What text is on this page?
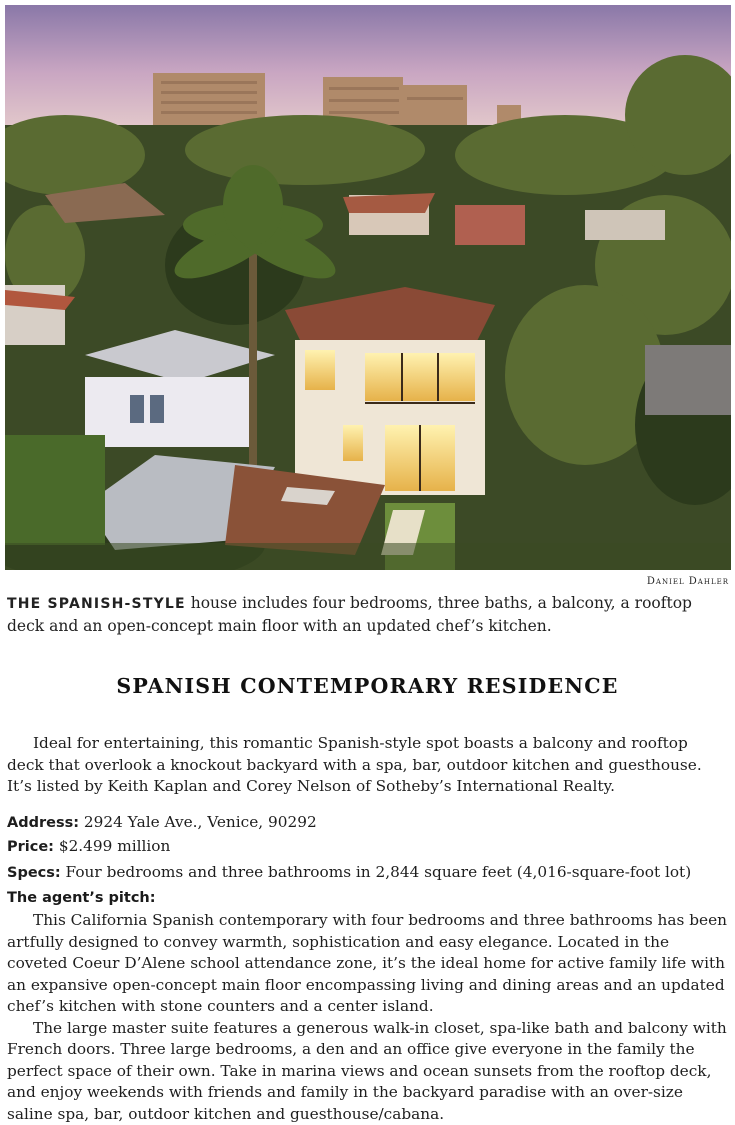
Daniel Dahler
THE SPANISH-STYLE house includes four bedrooms, three baths, a balcony, a rooftop deck and an open-concept main floor with an updated chef’s kitchen.
SPANISH CONTEMPORARY RESIDENCE

Ideal for entertaining, this romantic Spanish-style spot boasts a balcony and rooftop deck that overlook a knockout backyard with a spa, bar, outdoor kitchen and guesthouse. It’s listed by Keith Kaplan and Corey Nelson of Sotheby’s International Realty.

Address: 2924 Yale Ave., Venice, 90292
Price: $2.499 million
Specs: Four bedrooms and three bathrooms in 2,844 square feet (4,016-square-foot lot)
The agent’s pitch:

This California Spanish contemporary with four bedrooms and three bathrooms has been artfully designed to convey warmth, sophistication and easy elegance. Located in the coveted Coeur D’Alene school attendance zone, it’s the ideal home for active family life with an expansive open-concept main floor encompassing living and dining areas and an updated chef’s kitchen with stone counters and a center island.

The large master suite features a generous walk-in closet, spa-like bath and balcony with French doors. Three large bedrooms, a den and an office give everyone in the family the perfect space of their own. Take in marina views and ocean sunsets from the rooftop deck, and enjoy weekends with friends and family in the backyard paradise with an over-size saline spa, bar, outdoor kitchen and guesthouse/cabana.
